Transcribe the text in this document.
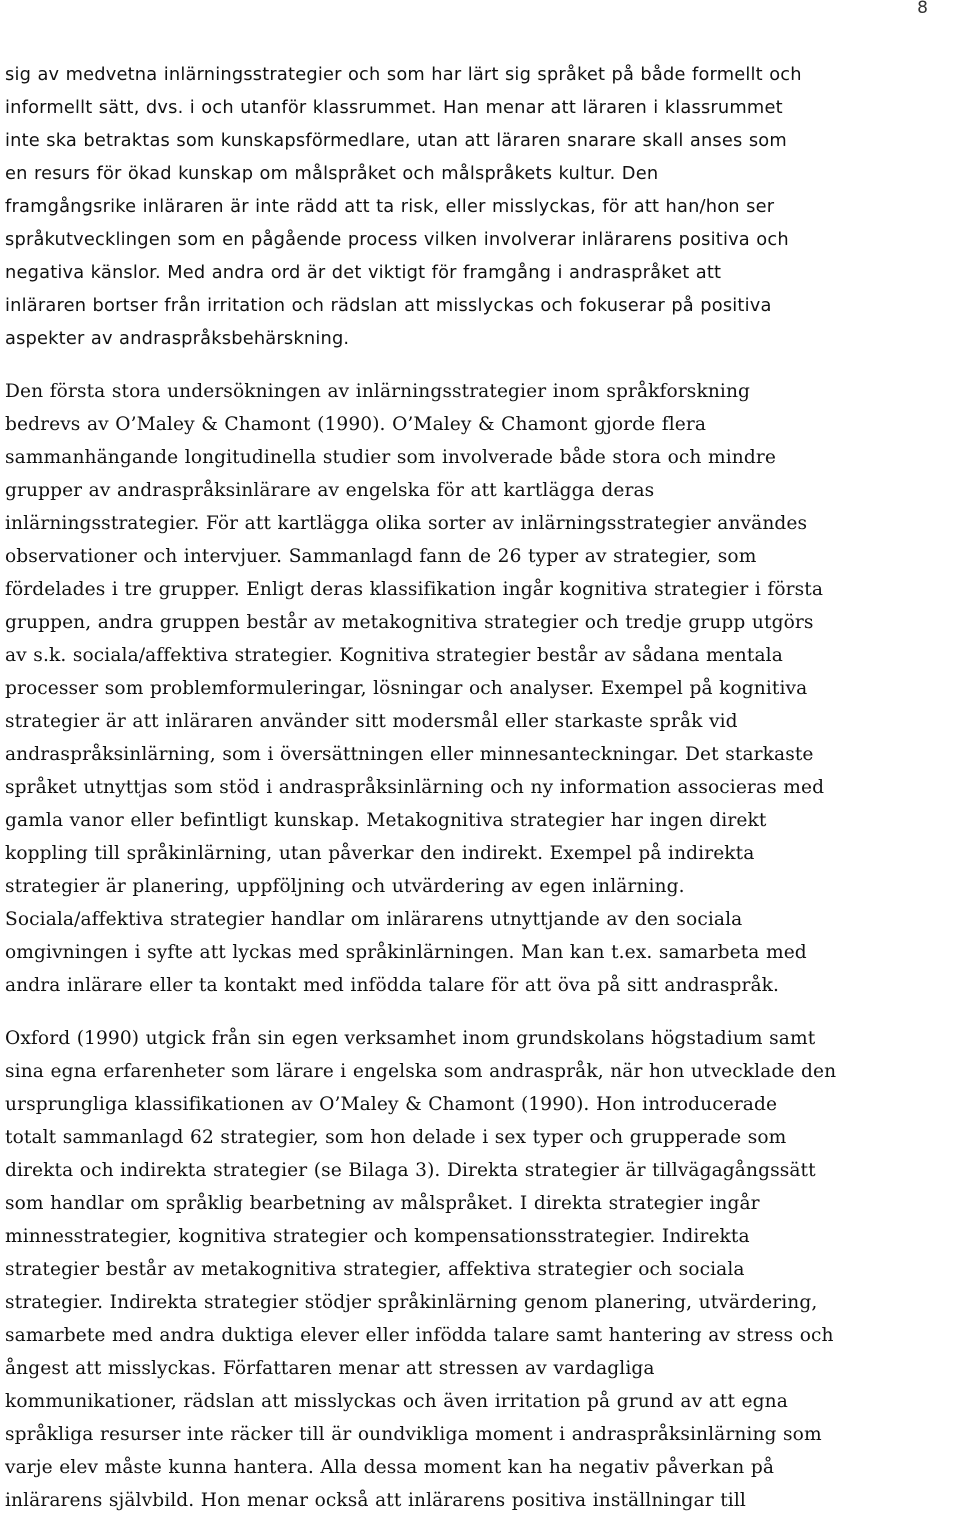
8

sig av medvetna inlärningsstrategier och som har lärt sig språket på både formellt och
informellt sätt, dvs. i och utanför klassrummet. Han menar att läraren i klassrummet
inte ska betraktas som kunskapsförmedlare, utan att läraren snarare skall anses som
en resurs för ökad kunskap om målspråket och målspråkets kultur. Den
framgångsrike inläraren är inte rädd att ta risk, eller misslyckas, för att han/hon ser
språkutvecklingen som en pågående process vilken involverar inlärarens positiva och
negativa känslor. Med andra ord är det viktigt för framgång i andraspråket att
inläraren bortser från irritation och rädslan att misslyckas och fokuserar på positiva
aspekter av andraspråksbehärskning.

Den första stora undersökningen av inlärningsstrategier inom språkforskning
bedrevs av O’Maley & Chamont (1990). O’Maley & Chamont gjorde flera
sammanhängande longitudinella studier som involverade både stora och mindre
grupper av andraspråksinlärare av engelska för att kartlägga deras
inlärningsstrategier. För att kartlägga olika sorter av inlärningsstrategier användes
observationer och intervjuer. Sammanlagd fann de 26 typer av strategier, som
fördelades i tre grupper. Enligt deras klassifikation ingår kognitiva strategier i första
gruppen, andra gruppen består av metakognitiva strategier och tredje grupp utgörs
av s.k. sociala/affektiva strategier. Kognitiva strategier består av sådana mentala
processer som problemformuleringar, lösningar och analyser. Exempel på kognitiva
strategier är att inläraren använder sitt modersmål eller starkaste språk vid
andraspråksinlärning, som i översättningen eller minnesanteckningar. Det starkaste
språket utnyttjas som stöd i andraspråksinlärning och ny information associeras med
gamla vanor eller befintligt kunskap. Metakognitiva strategier har ingen direkt
koppling till språkinlärning, utan påverkar den indirekt. Exempel på indirekta
strategier är planering, uppföljning och utvärdering av egen inlärning.
Sociala/affektiva strategier handlar om inlärarens utnyttjande av den sociala
omgivningen i syfte att lyckas med språkinlärningen. Man kan t.ex. samarbeta med
andra inlärare eller ta kontakt med infödda talare för att öva på sitt andraspråk.

Oxford (1990) utgick från sin egen verksamhet inom grundskolans högstadium samt
sina egna erfarenheter som lärare i engelska som andraspråk, när hon utvecklade den
ursprungliga klassifikationen av O’Maley & Chamont (1990). Hon introducerade
totalt sammanlagd 62 strategier, som hon delade i sex typer och grupperade som
direkta och indirekta strategier (se Bilaga 3). Direkta strategier är tillvägagångssätt
som handlar om språklig bearbetning av målspråket. I direkta strategier ingår
minnesstrategier, kognitiva strategier och kompensationsstrategier. Indirekta
strategier består av metakognitiva strategier, affektiva strategier och sociala
strategier. Indirekta strategier stödjer språkinlärning genom planering, utvärdering,
samarbete med andra duktiga elever eller infödda talare samt hantering av stress och
ångest att misslyckas. Författaren menar att stressen av vardagliga
kommunikationer, rädslan att misslyckas och även irritation på grund av att egna
språkliga resurser inte räcker till är oundvikliga moment i andraspråksinlärning som
varje elev måste kunna hantera. Alla dessa moment kan ha negativ påverkan på
inlärarens självbild. Hon menar också att inlärarens positiva inställningar till
